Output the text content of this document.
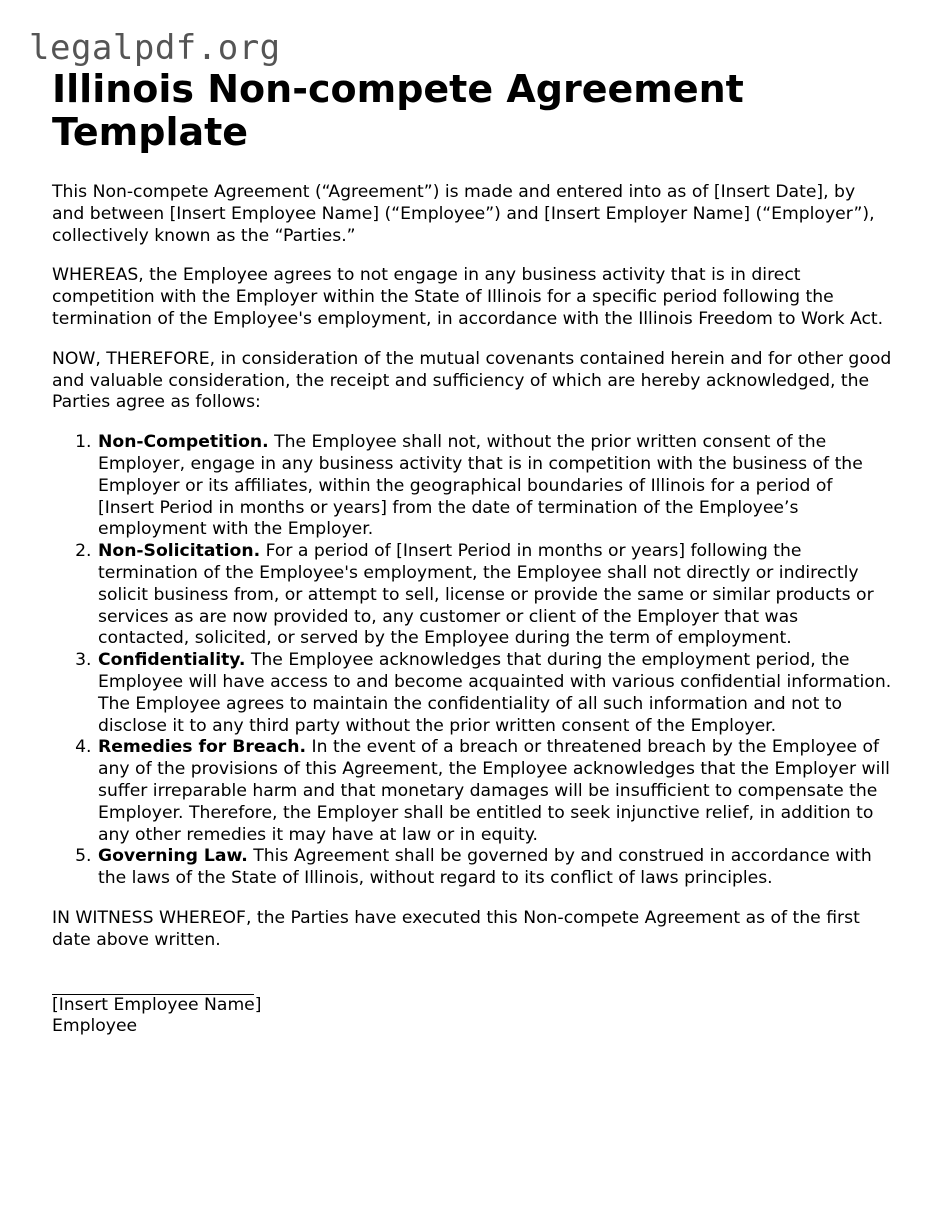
legalpdf.org
Illinois Non-compete Agreement Template

This Non-compete Agreement (“Agreement”) is made and entered into as of [Insert Date], by and between [Insert Employee Name] (“Employee”) and [Insert Employer Name] (“Employer”), collectively known as the “Parties.”

WHEREAS, the Employee agrees to not engage in any business activity that is in direct competition with the Employer within the State of Illinois for a specific period following the termination of the Employee's employment, in accordance with the Illinois Freedom to Work Act.

NOW, THEREFORE, in consideration of the mutual covenants contained herein and for other good and valuable consideration, the receipt and sufficiency of which are hereby acknowledged, the Parties agree as follows:

1. Non-Competition. The Employee shall not, without the prior written consent of the Employer, engage in any business activity that is in competition with the business of the Employer or its affiliates, within the geographical boundaries of Illinois for a period of [Insert Period in months or years] from the date of termination of the Employee’s employment with the Employer.
2. Non-Solicitation. For a period of [Insert Period in months or years] following the termination of the Employee's employment, the Employee shall not directly or indirectly solicit business from, or attempt to sell, license or provide the same or similar products or services as are now provided to, any customer or client of the Employer that was contacted, solicited, or served by the Employee during the term of employment.
3. Confidentiality. The Employee acknowledges that during the employment period, the Employee will have access to and become acquainted with various confidential information. The Employee agrees to maintain the confidentiality of all such information and not to disclose it to any third party without the prior written consent of the Employer.
4. Remedies for Breach. In the event of a breach or threatened breach by the Employee of any of the provisions of this Agreement, the Employee acknowledges that the Employer will suffer irreparable harm and that monetary damages will be insufficient to compensate the Employer. Therefore, the Employer shall be entitled to seek injunctive relief, in addition to any other remedies it may have at law or in equity.
5. Governing Law. This Agreement shall be governed by and construed in accordance with the laws of the State of Illinois, without regard to its conflict of laws principles.

IN WITNESS WHEREOF, the Parties have executed this Non-compete Agreement as of the first date above written.

[Insert Employee Name]
Employee
